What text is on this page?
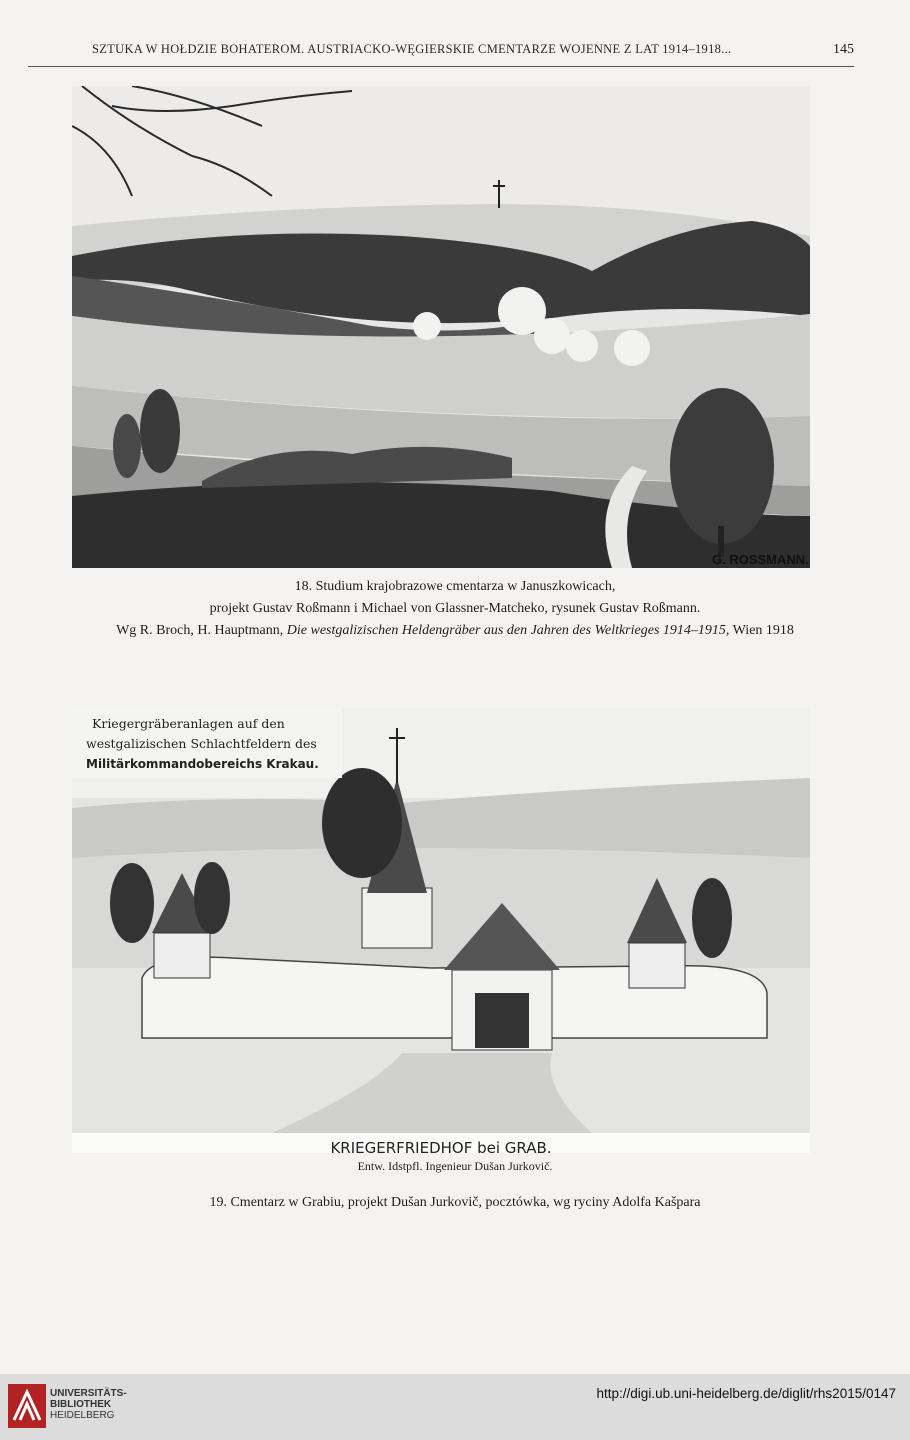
SZTUKA W HOŁDZIE BOHATEROM. AUSTRIACKO-WĘGIERSKIE CMENTARZE WOJENNE Z LAT 1914–1918...	145
G. ROSSMANN.
18. Studium krajobrazowe cmentarza w Januszkowicach,
projekt Gustav Roßmann i Michael von Glassner-Matcheko, rysunek Gustav Roßmann.
Wg R. Broch, H. Hauptmann, Die westgalizischen Heldengräber aus den Jahren des Weltkrieges 1914–1915, Wien 1918
Kriegergräberanlagen auf den
westgalizischen Schlachtfeldern des
Militärkommandobereichs Krakau.
KRIEGERFRIEDHOF bei GRAB.
Entw. Idstpfl. Ingenieur Dušan Jurkovič.
19. Cmentarz w Grabiu, projekt Dušan Jurkovič, pocztówka, wg ryciny Adolfa Kašpara
UNIVERSITÄTS-
BIBLIOTHEK
HEIDELBERG
http://digi.ub.uni-heidelberg.de/diglit/rhs2015/0147
